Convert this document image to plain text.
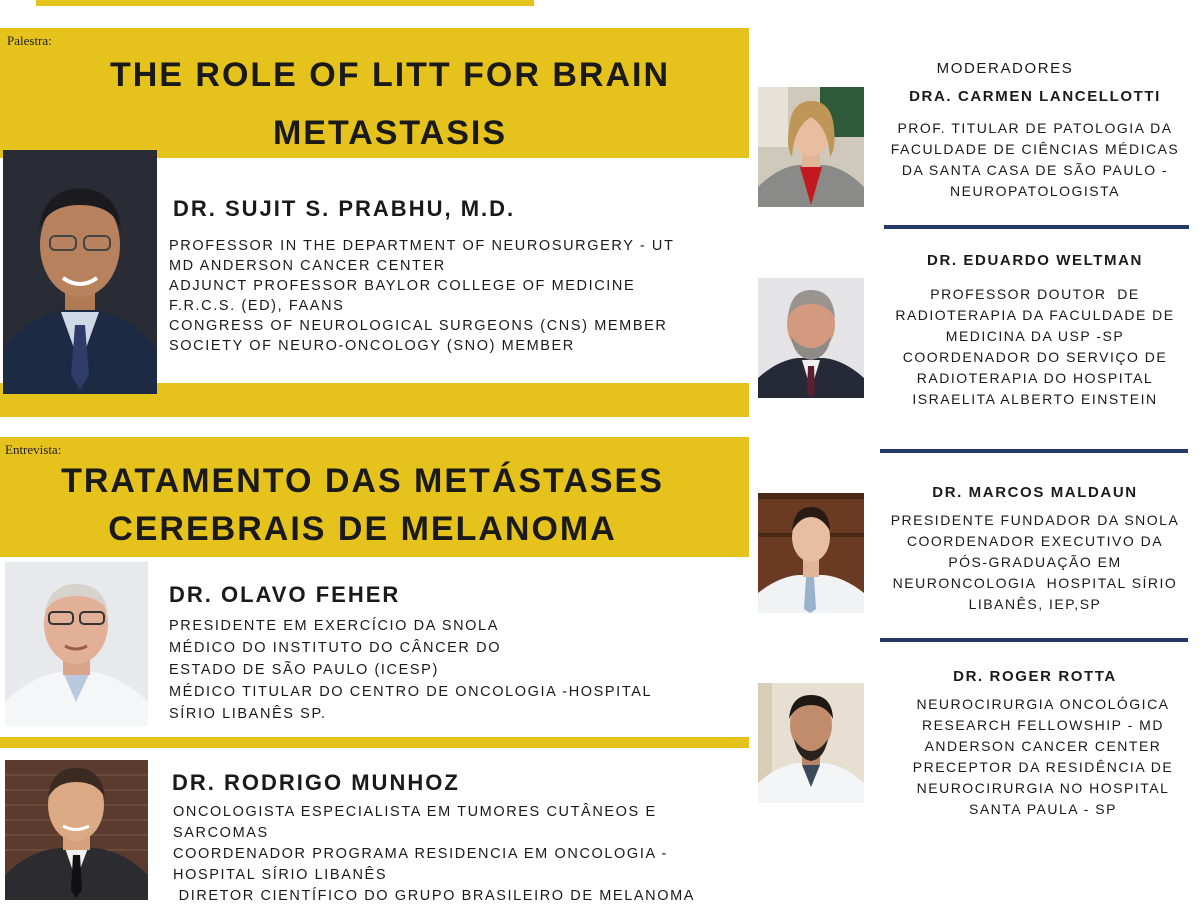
Palestra:
THE ROLE OF LITT FOR BRAIN
METASTASIS
DR. SUJIT S. PRABHU, M.D.
PROFESSOR IN THE DEPARTMENT OF NEUROSURGERY - UT
MD ANDERSON CANCER CENTER
ADJUNCT PROFESSOR BAYLOR COLLEGE OF MEDICINE
F.R.C.S. (ED), FAANS
CONGRESS OF NEUROLOGICAL SURGEONS (CNS) MEMBER
SOCIETY OF NEURO-ONCOLOGY (SNO) MEMBER
Entrevista:
TRATAMENTO DAS METÁSTASES
CEREBRAIS DE MELANOMA
DR. OLAVO FEHER
PRESIDENTE EM EXERCÍCIO DA SNOLA
MÉDICO DO INSTITUTO DO CÂNCER DO
ESTADO DE SÃO PAULO (ICESP)
MÉDICO TITULAR DO CENTRO DE ONCOLOGIA -HOSPITAL
SÍRIO LIBANÊS SP.
DR. RODRIGO MUNHOZ
ONCOLOGISTA ESPECIALISTA EM TUMORES CUTÂNEOS E
SARCOMAS
COORDENADOR PROGRAMA RESIDENCIA EM ONCOLOGIA -
HOSPITAL SÍRIO LIBANÊS
DIRETOR CIENTÍFICO DO GRUPO BRASILEIRO DE MELANOMA
MODERADORES
DRA. CARMEN LANCELLOTTI
PROF. TITULAR DE PATOLOGIA DA
FACULDADE DE CIÊNCIAS MÉDICAS
DA SANTA CASA DE SÃO PAULO -
NEUROPATOLOGISTA
DR. EDUARDO WELTMAN
PROFESSOR DOUTOR  DE
RADIOTERAPIA DA FACULDADE DE
MEDICINA DA USP -SP
COORDENADOR DO SERVIÇO DE
RADIOTERAPIA DO HOSPITAL
ISRAELITA ALBERTO EINSTEIN
DR. MARCOS MALDAUN
PRESIDENTE FUNDADOR DA SNOLA
COORDENADOR EXECUTIVO DA
PÓS-GRADUAÇÃO EM
NEURONCOLOGIA  HOSPITAL SÍRIO
LIBANÊS, IEP,SP
DR. ROGER ROTTA
NEUROCIRURGIA ONCOLÓGICA
RESEARCH FELLOWSHIP - MD
ANDERSON CANCER CENTER
PRECEPTOR DA RESIDÊNCIA DE
NEUROCIRURGIA NO HOSPITAL
SANTA PAULA - SP
